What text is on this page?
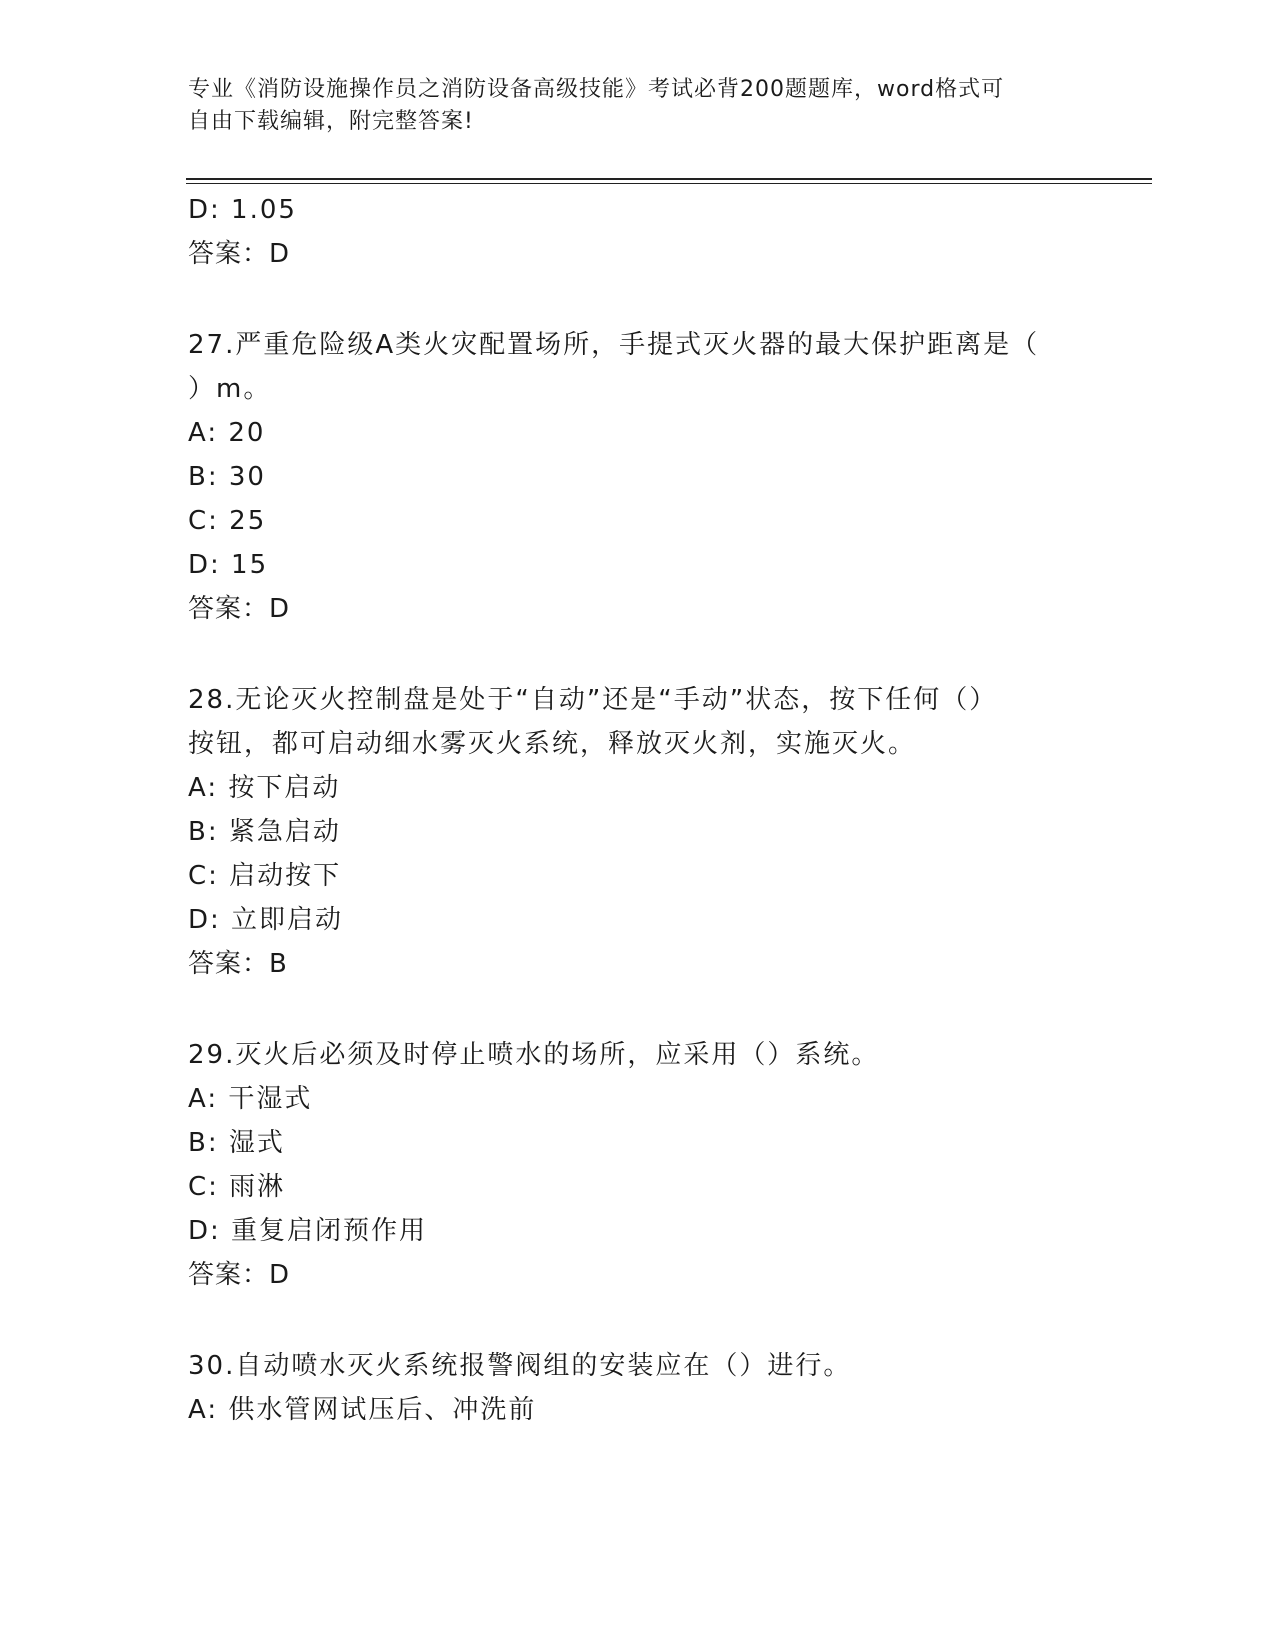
专业《消防设施操作员之消防设备高级技能》考试必背200题题库，word格式可
自由下载编辑，附完整答案!
D: 1.05
答案：D
27.严重危险级A类火灾配置场所，手提式灭火器的最大保护距离是（
）m。
A: 20
B: 30
C: 25
D: 15
答案：D
28.无论灭火控制盘是处于“自动”还是“手动”状态，按下任何（）
按钮，都可启动细水雾灭火系统，释放灭火剂，实施灭火。
A: 按下启动
B: 紧急启动
C: 启动按下
D: 立即启动
答案：B
29.灭火后必须及时停止喷水的场所，应采用（）系统。
A: 干湿式
B: 湿式
C: 雨淋
D: 重复启闭预作用
答案：D
30.自动喷水灭火系统报警阀组的安装应在（）进行。
A: 供水管网试压后、冲洗前
